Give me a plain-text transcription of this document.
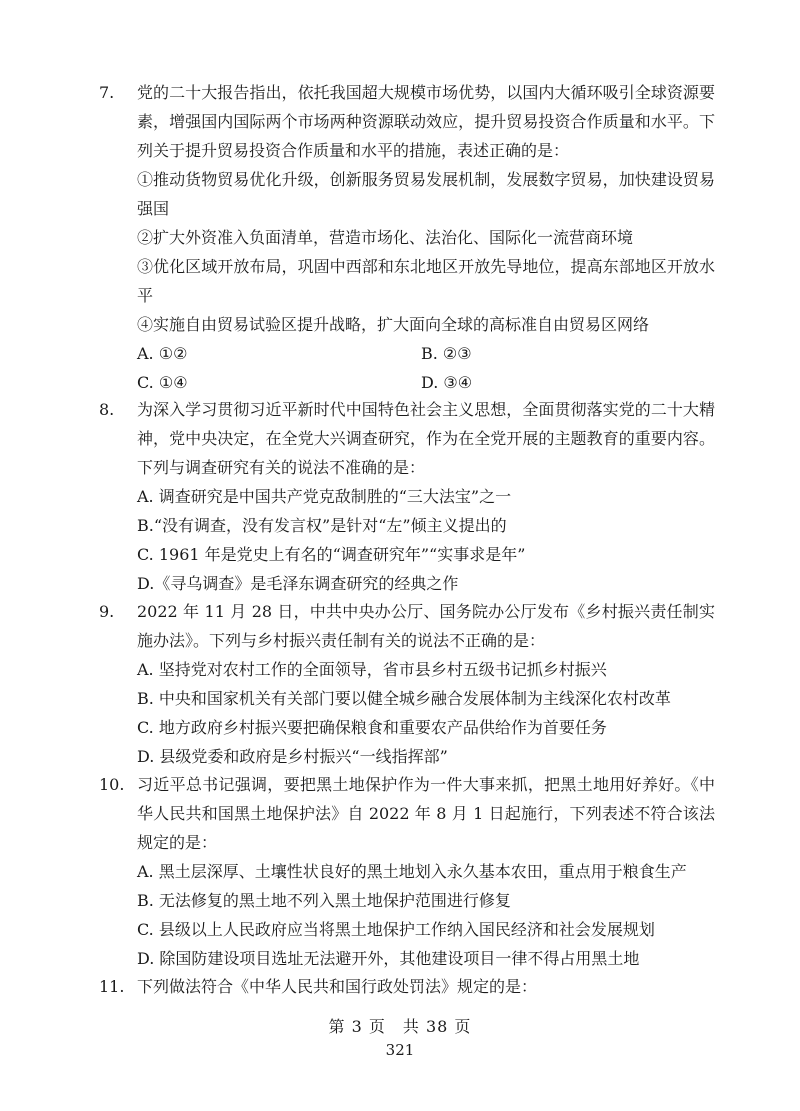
7.	党的二十大报告指出，依托我国超大规模市场优势，以国内大循环吸引全球资源要素，增强国内国际两个市场两种资源联动效应，提升贸易投资合作质量和水平。下列关于提升贸易投资合作质量和水平的措施，表述正确的是：
①推动货物贸易优化升级，创新服务贸易发展机制，发展数字贸易，加快建设贸易强国
②扩大外资准入负面清单，营造市场化、法治化、国际化一流营商环境
③优化区域开放布局，巩固中西部和东北地区开放先导地位，提高东部地区开放水平
④实施自由贸易试验区提升战略，扩大面向全球的高标准自由贸易区网络
A. ①②	B. ②③
C. ①④	D. ③④
8.	为深入学习贯彻习近平新时代中国特色社会主义思想，全面贯彻落实党的二十大精神，党中央决定，在全党大兴调查研究，作为在全党开展的主题教育的重要内容。下列与调查研究有关的说法不准确的是：
A. 调查研究是中国共产党克敌制胜的“三大法宝”之一
B.“没有调查，没有发言权”是针对“左”倾主义提出的
C. 1961 年是党史上有名的“调查研究年”“实事求是年”
D.《寻乌调查》是毛泽东调查研究的经典之作
9.	2022 年 11 月 28 日，中共中央办公厅、国务院办公厅发布《乡村振兴责任制实施办法》。下列与乡村振兴责任制有关的说法不正确的是：
A. 坚持党对农村工作的全面领导，省市县乡村五级书记抓乡村振兴
B. 中央和国家机关有关部门要以健全城乡融合发展体制为主线深化农村改革
C. 地方政府乡村振兴要把确保粮食和重要农产品供给作为首要任务
D. 县级党委和政府是乡村振兴“一线指挥部”
10. 习近平总书记强调，要把黑土地保护作为一件大事来抓，把黑土地用好养好。《中华人民共和国黑土地保护法》自 2022 年 8 月 1 日起施行，下列表述不符合该法规定的是：
A. 黑土层深厚、土壤性状良好的黑土地划入永久基本农田，重点用于粮食生产
B. 无法修复的黑土地不列入黑土地保护范围进行修复
C. 县级以上人民政府应当将黑土地保护工作纳入国民经济和社会发展规划
D. 除国防建设项目选址无法避开外，其他建设项目一律不得占用黑土地
11. 下列做法符合《中华人民共和国行政处罚法》规定的是：
第 3 页　共 38 页
321
